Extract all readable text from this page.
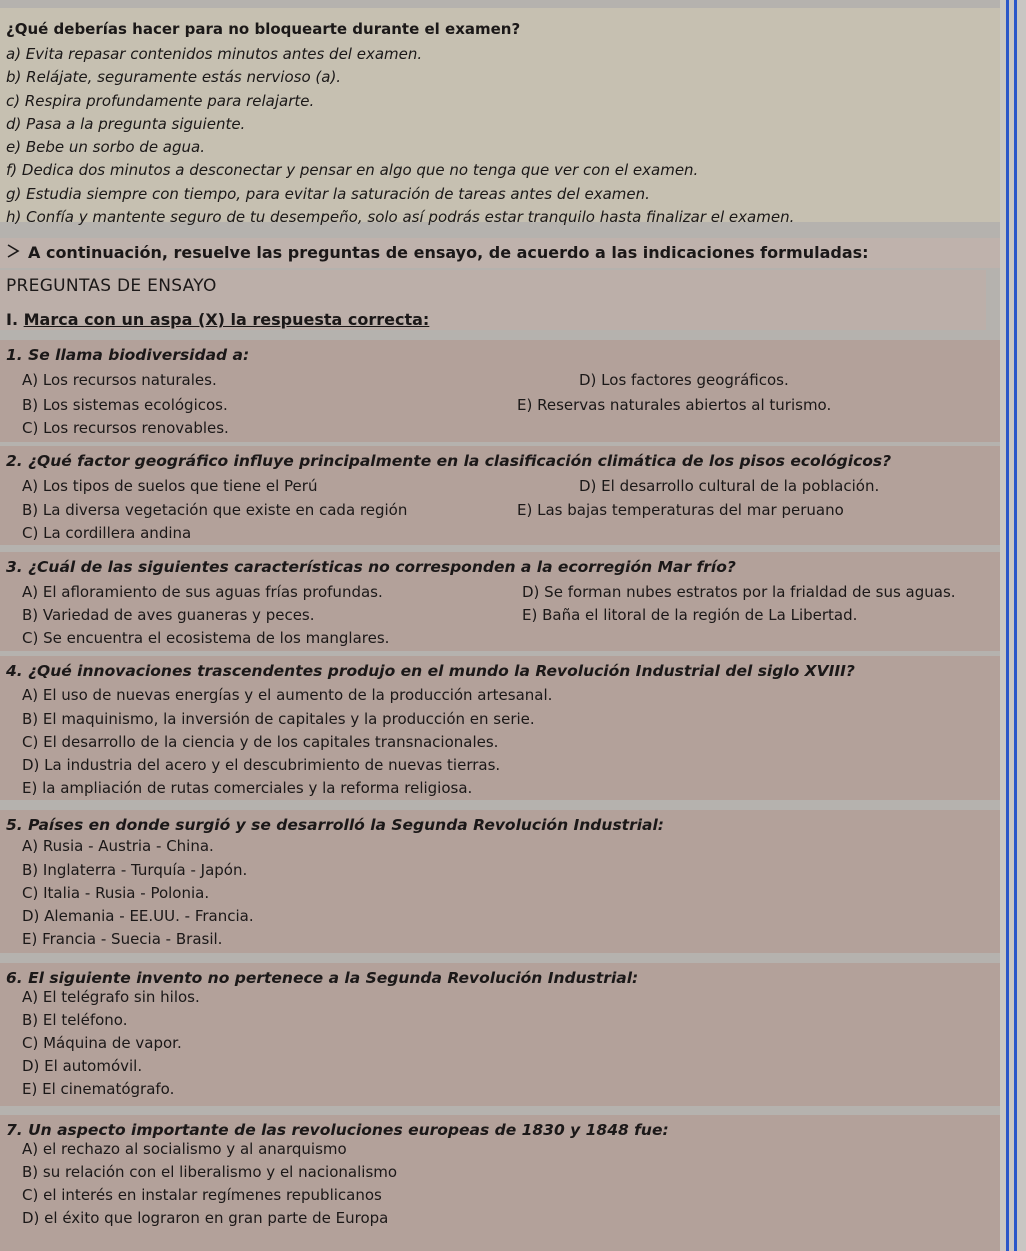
¿Qué deberías hacer para no bloquearte durante el examen?
a) Evita repasar contenidos minutos antes del examen.
b) Relájate, seguramente estás nervioso (a).
c) Respira profundamente para relajarte.
d) Pasa a la pregunta siguiente.
e) Bebe un sorbo de agua.
f) Dedica dos minutos a desconectar y pensar en algo que no tenga que ver con el examen.
g) Estudia siempre con tiempo, para evitar la saturación de tareas antes del examen.
h) Confía y mantente seguro de tu desempeño, solo así podrás estar tranquilo hasta finalizar el examen.
A continuación, resuelve las preguntas de ensayo, de acuerdo a las indicaciones formuladas:
PREGUNTAS DE ENSAYO
I. Marca con un aspa (X) la respuesta correcta:
1. Se llama biodiversidad a:
A) Los recursos naturales.
B) Los sistemas ecológicos.
C) Los recursos renovables.
D) Los factores geográficos.
E) Reservas naturales abiertos al turismo.
2. ¿Qué factor geográfico influye principalmente en la clasificación climática de los pisos ecológicos?
A) Los tipos de suelos que tiene el Perú
B) La diversa vegetación que existe en cada región
C) La cordillera andina
D) El desarrollo cultural de la población.
E) Las bajas temperaturas del mar peruano
3. ¿Cuál de las siguientes características no corresponden a la ecorregión Mar frío?
A) El afloramiento de sus aguas frías profundas.
B) Variedad de aves guaneras y peces.
C) Se encuentra el ecosistema de los manglares.
D) Se forman nubes estratos por la frialdad de sus aguas.
E) Baña el litoral de la región de La Libertad.
4. ¿Qué innovaciones trascendentes produjo en el mundo la Revolución Industrial del siglo XVIII?
A) El uso de nuevas energías y el aumento de la producción artesanal.
B) El maquinismo, la inversión de capitales y la producción en serie.
C) El desarrollo de la ciencia y de los capitales transnacionales.
D) La industria del acero y el descubrimiento de nuevas tierras.
E) la ampliación de rutas comerciales y la reforma religiosa.
5. Países en donde surgió y se desarrolló la Segunda Revolución Industrial:
A) Rusia - Austria - China.
B) Inglaterra - Turquía - Japón.
C) Italia - Rusia - Polonia.
D) Alemania - EE.UU. - Francia.
E) Francia - Suecia - Brasil.
6. El siguiente invento no pertenece a la Segunda Revolución Industrial:
A) El telégrafo sin hilos.
B) El teléfono.
C) Máquina de vapor.
D) El automóvil.
E) El cinematógrafo.
7. Un aspecto importante de las revoluciones europeas de 1830 y 1848 fue:
A) el rechazo al socialismo y al anarquismo
B) su relación con el liberalismo y el nacionalismo
C) el interés en instalar regímenes republicanos
D) el éxito que lograron en gran parte de Europa
